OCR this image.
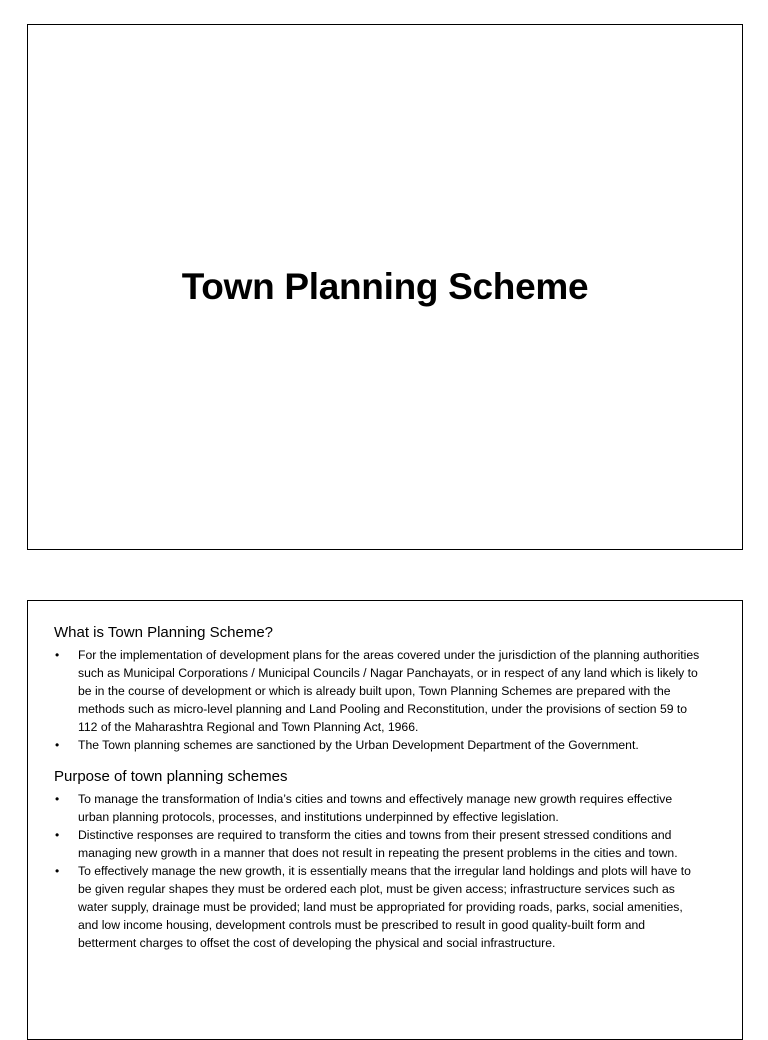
Town Planning Scheme
What is Town Planning Scheme?
• For the implementation of development plans for the areas covered under the jurisdiction of the planning authorities such as Municipal Corporations / Municipal Councils / Nagar Panchayats, or in respect of any land which is likely to be in the course of development or which is already built upon, Town Planning Schemes are prepared with the methods such as micro-level planning and Land Pooling and Reconstitution, under the provisions of section 59 to 112 of the Maharashtra Regional and Town Planning Act, 1966.
• The Town planning schemes are sanctioned by the Urban Development Department of the Government.
Purpose of town planning schemes
• To manage the transformation of India’s cities and towns and effectively manage new growth requires effective urban planning protocols, processes, and institutions underpinned by effective legislation.
• Distinctive responses are required to transform the cities and towns from their present stressed conditions and managing new growth in a manner that does not result in repeating the present problems in the cities and town.
• To effectively manage the new growth, it is essentially means that the irregular land holdings and plots will have to be given regular shapes they must be ordered each plot, must be given access; infrastructure services such as water supply, drainage must be provided; land must be appropriated for providing roads, parks, social amenities, and low income housing, development controls must be prescribed to result in good quality-built form and betterment charges to offset the cost of developing the physical and social infrastructure.
